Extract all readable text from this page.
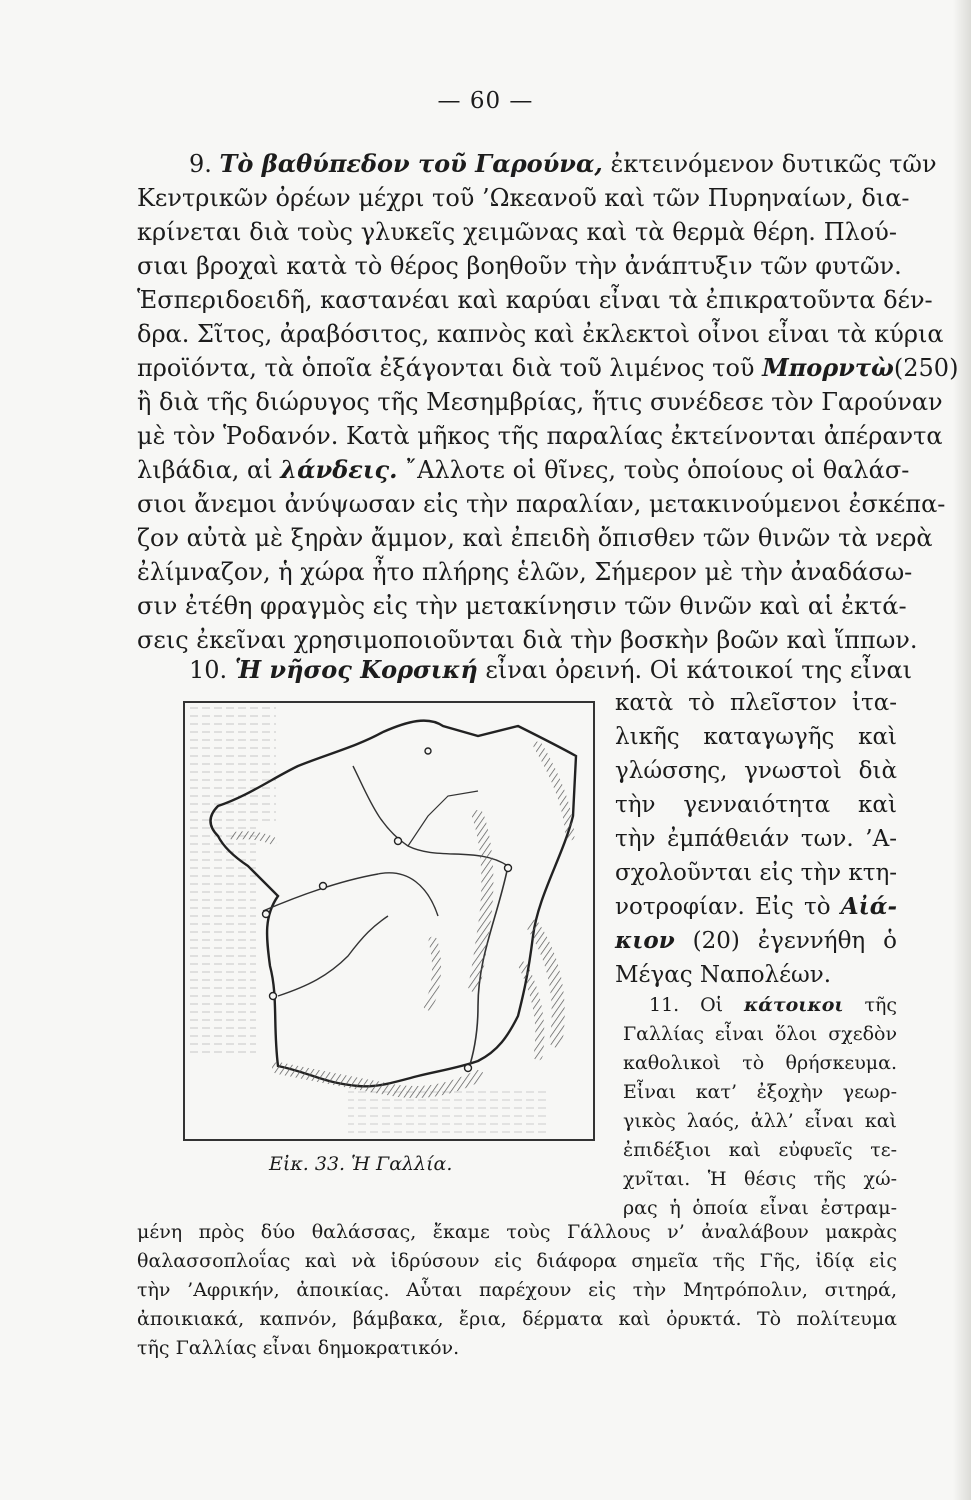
— 60 —
9. Τὸ βαθύπεδον τοῦ Γαρούνα, ἐκτεινόμενον δυτικῶς τῶν
Κεντρικῶν ὀρέων μέχρι τοῦ ’Ωκεανοῦ καὶ τῶν Πυρηναίων, δια-
κρίνεται διὰ τοὺς γλυκεῖς χειμῶνας καὶ τὰ θερμὰ θέρη. Πλού-
σιαι βροχαὶ κατὰ τὸ θέρος βοηθοῦν τὴν ἀνάπτυξιν τῶν φυτῶν.
Ἑσπεριδοειδῆ, καστανέαι καὶ καρύαι εἶναι τὰ ἐπικρατοῦντα δέν-
δρα. Σῖτος, ἀραβόσιτος, καπνὸς καὶ ἐκλεκτοὶ οἶνοι εἶναι τὰ κύρια
προϊόντα, τὰ ὁποῖα ἐξάγονται διὰ τοῦ λιμένος τοῦ Μπορντὼ(250)
ἢ διὰ τῆς διώρυγος τῆς Μεσημβρίας, ἥτις συνέδεσε τὸν Γαρούναν
μὲ τὸν Ῥοδανόν. Κατὰ μῆκος τῆς παραλίας ἐκτείνονται ἀπέραντα
λιβάδια, αἱ λάνδεις. ῎Αλλοτε οἱ θῖνες, τοὺς ὁποίους οἱ θαλάσ-
σιοι ἄνεμοι ἀνύψωσαν εἰς τὴν παραλίαν, μετακινούμενοι ἐσκέπα-
ζον αὐτὰ μὲ ξηρὰν ἄμμον, καὶ ἐπειδὴ ὄπισθεν τῶν θινῶν τὰ νερὰ
ἐλίμναζον, ἡ χώρα ἦτο πλήρης ἑλῶν, Σήμερον μὲ τὴν ἀναδάσω-
σιν ἐτέθη φραγμὸς εἰς τὴν μετακίνησιν τῶν θινῶν καὶ αἱ ἐκτά-
σεις ἐκεῖναι χρησιμοποιοῦνται διὰ τὴν βοσκὴν βοῶν καὶ ἵππων.
10. Ἡ νῆσος Κορσική εἶναι ὀρεινή. Οἱ κάτοικοί της εἶναι
κατὰ τὸ πλεῖστον ἰτα-
λικῆς καταγωγῆς καὶ
γλώσσης, γνωστοὶ διὰ
τὴν γενναιότητα καὶ
τὴν ἐμπάθειάν των. ’Α-
σχολοῦνται εἰς τὴν κτη-
νοτροφίαν. Εἰς τὸ Αἰά-
κιον (20) ἐγεννήθη ὁ
Μέγας Ναπολέων.
11. Οἱ κάτοικοι τῆς
Γαλλίας εἶναι ὅλοι σχεδὸν
καθολικοὶ τὸ θρήσκευμα.
Εἶναι κατ’ ἐξοχὴν γεωρ-
γικὸς λαός, ἀλλ’ εἶναι καὶ
ἐπιδέξιοι καὶ εὐφυεῖς τε-
χνῖται. Ἡ θέσις τῆς χώ-
ρας ἡ ὁποία εἶναι ἐστραμ-
μένη πρὸς δύο θαλάσσας, ἔκαμε τοὺς Γάλλους ν’ ἀναλάβουν μακρὰς
θαλασσοπλοΐας καὶ νὰ ἱδρύσουν εἰς διάφορα σημεῖα τῆς Γῆς, ἰδίᾳ εἰς
τὴν ’Αφρικήν, ἀποικίας. Αὗται παρέχουν εἰς τὴν Μητρόπολιν, σιτηρά,
ἀποικιακά, καπνόν, βάμβακα, ἔρια, δέρματα καὶ ὀρυκτά. Τὸ πολίτευμα
τῆς Γαλλίας εἶναι δημοκρατικόν.
Εἰκ. 33. Ἡ Γαλλία.
